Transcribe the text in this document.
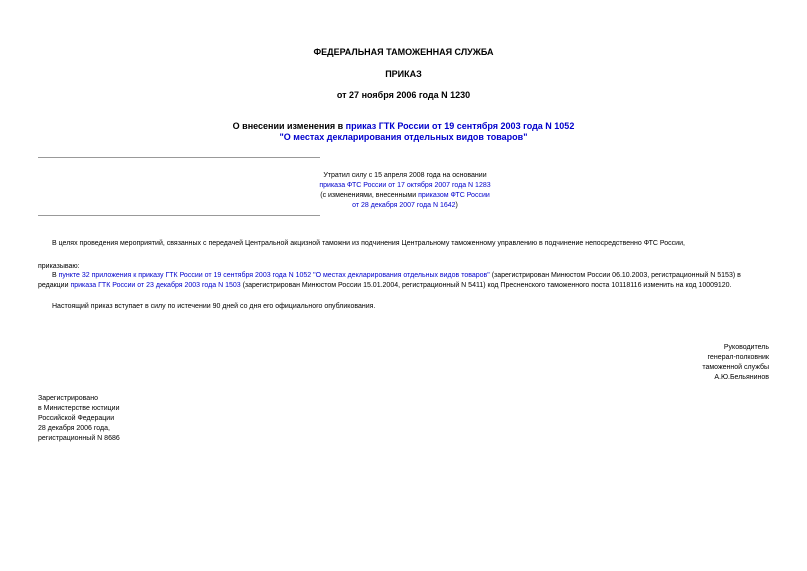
ФЕДЕРАЛЬНАЯ ТАМОЖЕННАЯ СЛУЖБА
ПРИКАЗ
от 27 ноября 2006 года N 1230
О внесении изменения в приказ ГТК России от 19 сентября 2003 года N 1052
"О местах декларирования отдельных видов товаров"
Утратил силу с 15 апреля 2008 года на основании
приказа ФТС России от 17 октября 2007 года N 1283
(с изменениями, внесенными приказом ФТС России
от 28 декабря 2007 года N 1642)
В целях проведения мероприятий, связанных с передачей Центральной акцизной таможни из подчинения Центральному таможенному управлению в подчинение непосредственно ФТС России,
приказываю:
В пункте 32 приложения к приказу ГТК России от 19 сентября 2003 года N 1052 "О местах декларирования отдельных видов товаров" (зарегистрирован Минюстом России 06.10.2003, регистрационный N 5153) в
редакции приказа ГТК России от 23 декабря 2003 года N 1503 (зарегистрирован Минюстом России 15.01.2004, регистрационный N 5411) код Пресненского таможенного поста 10118116 изменить на код 10009120.
Настоящий приказ вступает в силу по истечении 90 дней со дня его официального опубликования.
Руководитель
генерал-полковник
таможенной службы
А.Ю.Бельянинов
Зарегистрировано
в Министерстве юстиции
Российской Федерации
28 декабря 2006 года,
регистрационный N 8686
